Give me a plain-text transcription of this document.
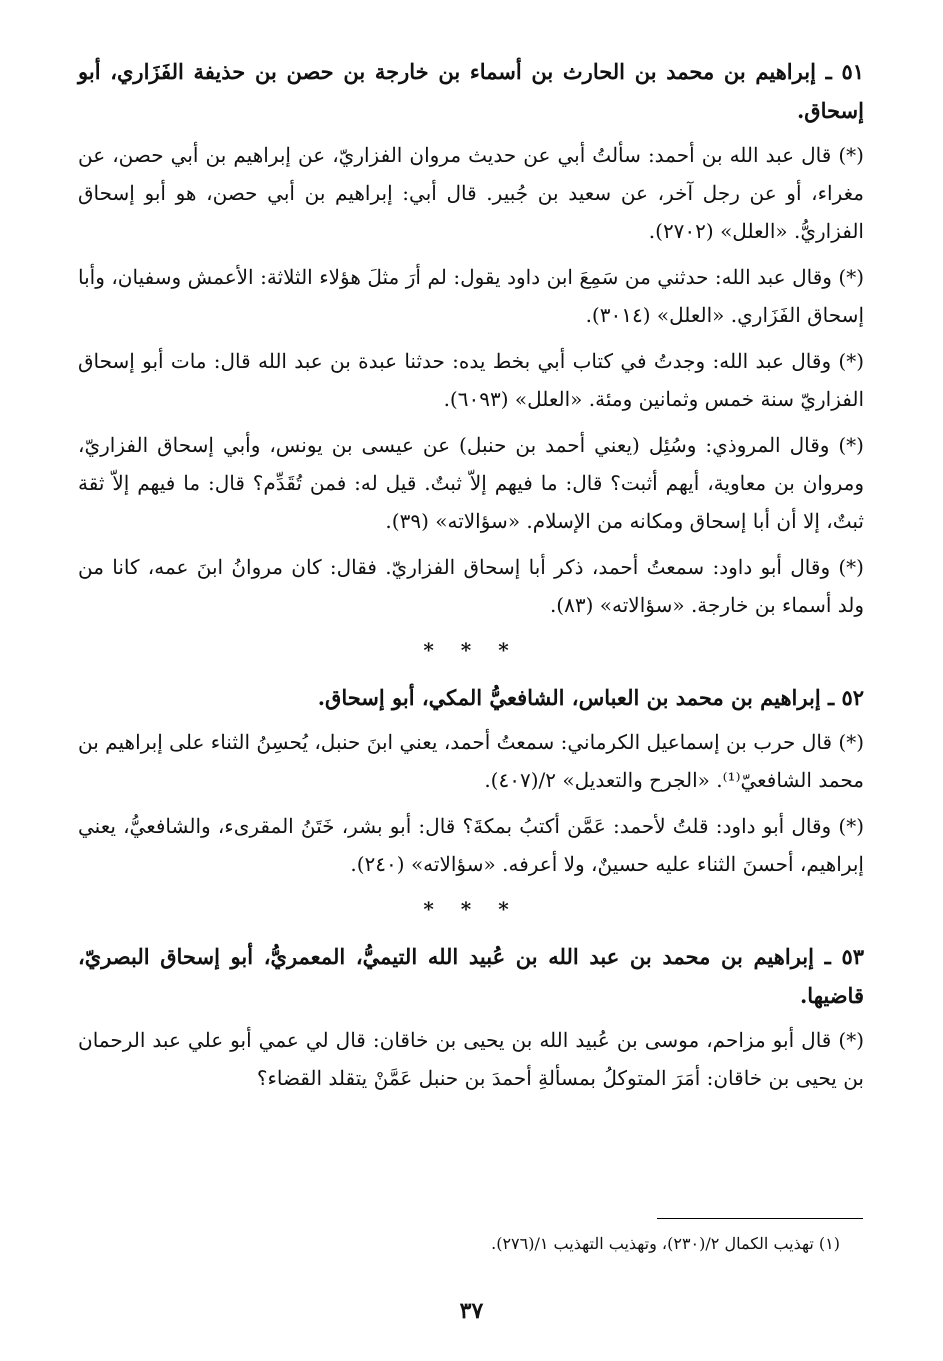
٥١ ـ إبراهيم بن محمد بن الحارث بن أسماء بن خارجة بن حصن بن حذيفة الفَزَاري، أبو إسحاق.

(*) قال عبد الله بن أحمد: سألتُ أبي عن حديث مروان الفزاريّ، عن إبراهيم بن أبي حصن، عن مغراء، أو عن رجل آخر، عن سعيد بن جُبير. قال أبي: إبراهيم بن أبي حصن، هو أبو إسحاق الفزاريُّ. «العلل» (٢٧٠٢).

(*) وقال عبد الله: حدثني من سَمِعَ ابن داود يقول: لم أرَ مثلَ هؤلاء الثلاثة: الأعمش وسفيان، وأبا إسحاق الفَزَاري. «العلل» (٣٠١٤).

(*) وقال عبد الله: وجدتُ في كتاب أبي بخط يده: حدثنا عبدة بن عبد الله قال: مات أبو إسحاق الفزاريّ سنة خمس وثمانين ومئة. «العلل» (٦٠٩٣).

(*) وقال المروذي: وسُئِل (يعني أحمد بن حنبل) عن عيسى بن يونس، وأبي إسحاق الفزاريّ، ومروان بن معاوية، أيهم أثبت؟ قال: ما فيهم إلاّ ثبتٌ. قيل له: فمن تُقَدِّم؟ قال: ما فيهم إلاّ ثقة ثبتٌ، إلا أن أبا إسحاق ومكانه من الإسلام. «سؤالاته» (٣٩).

(*) وقال أبو داود: سمعتُ أحمد، ذكر أبا إسحاق الفزاريّ. فقال: كان مروانُ ابنَ عمه، كانا من ولد أسماء بن خارجة. «سؤالاته» (٨٣).

* * *

٥٢ ـ إبراهيم بن محمد بن العباس، الشافعيُّ المكي، أبو إسحاق.

(*) قال حرب بن إسماعيل الكرماني: سمعتُ أحمد، يعني ابنَ حنبل، يُحسِنُ الثناء على إبراهيم بن محمد الشافعيّ⁽¹⁾. «الجرح والتعديل» ٢/(٤٠٧).

(*) وقال أبو داود: قلتُ لأحمد: عَمَّن أكتبُ بمكةَ؟ قال: أبو بشر، خَتَنُ المقرىء، والشافعيُّ، يعني إبراهيم، أحسنَ الثناء عليه حسينٌ، ولا أعرفه. «سؤالاته» (٢٤٠).

* * *

٥٣ ـ إبراهيم بن محمد بن عبد الله بن عُبيد الله التيميُّ، المعمريُّ، أبو إسحاق البصريّ، قاضيها.

(*) قال أبو مزاحم، موسى بن عُبيد الله بن يحيى بن خاقان: قال لي عمي أبو علي عبد الرحمان بن يحيى بن خاقان: أمَرَ المتوكلُ بمسألةِ أحمدَ بن حنبل عَمَّنْ يتقلد القضاء؟

(١) تهذيب الكمال ٢/(٢٣٠)، وتهذيب التهذيب ١/(٢٧٦).
٣٧
